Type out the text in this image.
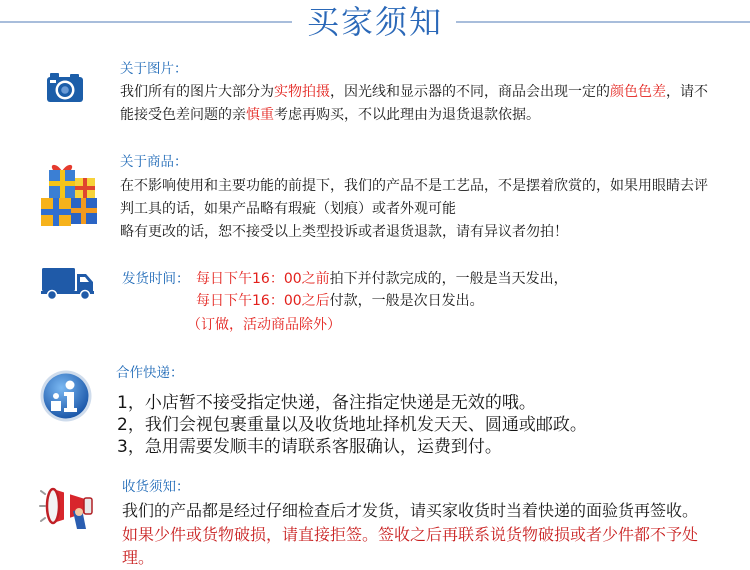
买家须知
关于图片：
我们所有的图片大部分为 实物拍摄 ，因光线和显示器的不同，商品会出现一定的 颜色色差 ，请不
能接受色差问题的亲 慎重 考虑再购买，不以此理由为退货退款依据。
关于商品：
在不影响使用和主要功能的前提下，我们的产品不是工艺品，不是摆着欣赏的，如果用眼睛去评
判工具的话，如果产品略有瑕疵（划痕）或者外观可能
略有更改的话，恕不接受以上类型投诉或者退货退款，请有异议者勿拍！
发货时间： 每日下午16：00之前 拍下并付款完成的，一般是当天发出，
每日下午16：00之后 付款，一般是次日发出。
（订做，活动商品除外）
合作快递：
1，小店暂不接受指定快递，备注指定快递是无效的哦。
2，我们会视包裹重量以及收货地址择机发天天、圆通或邮政。
3，急用需要发顺丰的请联系客服确认，运费到付。
收货须知：
我们的产品都是经过仔细检查后才发货，请买家收货时当着快递的面验货再签收。
如果少件或货物破损，请直接拒签。签收之后再联系说货物破损或者少件都不予处
理。
